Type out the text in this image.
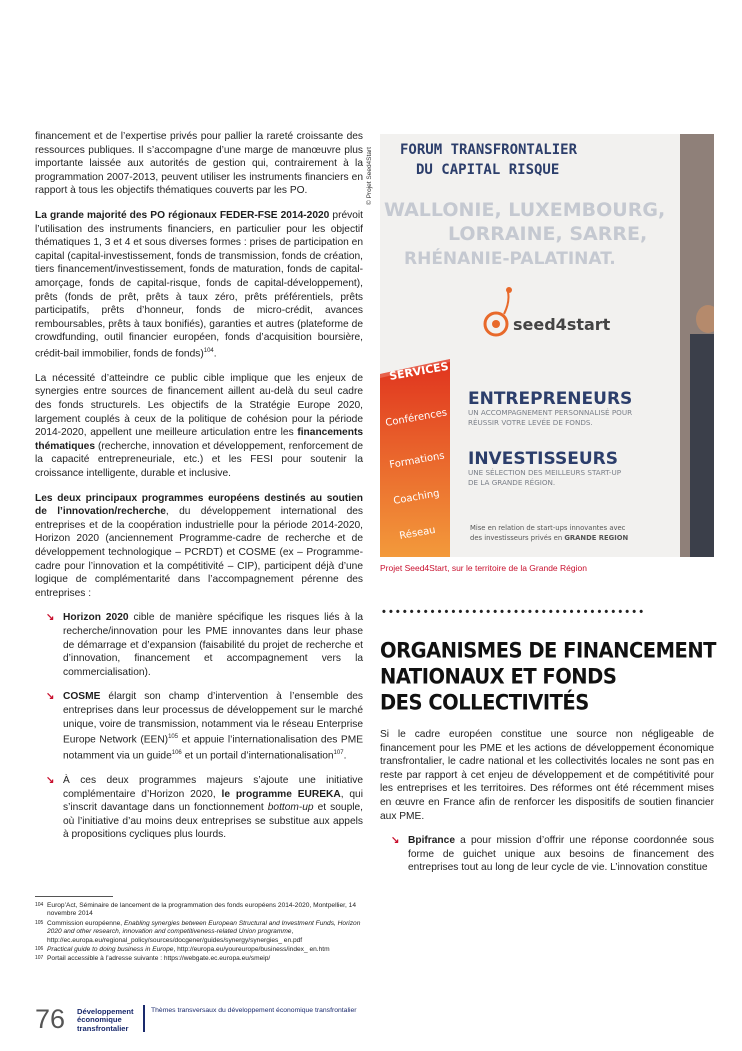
financement et de l’expertise privés pour pallier la rareté croissante des ressources publiques. Il s’accompagne d’une marge de manœuvre plus importante laissée aux autorités de gestion qui, contrairement à la programmation 2007-2013, peuvent utiliser les instruments financiers en rapport à tous les objectifs thématiques couverts par les PO.

La grande majorité des PO régionaux FEDER-FSE 2014-2020 prévoit l’utilisation des instruments financiers, en particulier pour les objectif thématiques 1, 3 et 4 et sous diverses formes : prises de participation en capital (capital-investissement, fonds de transmission, fonds de création, tiers financement/investissement, fonds de maturation, fonds de capital-amorçage, fonds de capital-risque, fonds de capital-développement), prêts (fonds de prêt, prêts à taux zéro, prêts préférentiels, prêts participatifs, prêts d’honneur, fonds de micro-crédit, avances remboursables, prêts à taux bonifiés), garanties et autres (plateforme de crowdfunding, outil financier européen, fonds d’acquisition boursière, crédit-bail immobilier, fonds de fonds)$^{104}$.

La nécessité d’atteindre ce public cible implique que les enjeux de synergies entre sources de financement aillent au-delà du seul cadre des fonds structurels. Les objectifs de la Stratégie Europe 2020, largement couplés à ceux de la politique de cohésion pour la période 2014-2020, appellent une meilleure articulation entre les financements thématiques (recherche, innovation et développement, renforcement de la capacité entrepreneuriale, etc.) et les FESI pour soutenir la croissance intelligente, durable et inclusive.

Les deux principaux programmes européens destinés au soutien de l’innovation/recherche, du développement international des entreprises et de la coopération industrielle pour la période 2014-2020, Horizon 2020 (anciennement Programme-cadre de recherche et de développement technologique – PCRDT) et COSME (ex – Programme-cadre pour l’innovation et la compétitivité – CIP), participent déjà d’une logique de complémentarité dans l’accompagnement pérenne des entreprises :

↘ Horizon 2020 cible de manière spécifique les risques liés à la recherche/innovation pour les PME innovantes dans leur phase de démarrage et d’expansion (faisabilité du projet de recherche et d’innovation, financement et accompagnement vers la commercialisation).
↘ COSME élargit son champ d’intervention à l’ensemble des entreprises dans leur processus de développement sur le marché unique, voire de transmission, notamment via le réseau Enterprise Europe Network (EEN)$^{105}$ et appuie l’internationalisation des PME notamment via un guide$^{106}$ et un portail d’internationalisation$^{107}$.
↘ À ces deux programmes majeurs s’ajoute une initiative complémentaire d’Horizon 2020, le programme EUREKA, qui s’inscrit davantage dans un fonctionnement bottom-up et souple, où l’initiative d’au moins deux entreprises se substitue aux appels à propositions cycliques plus lourds.
© Projet Seed4Start FORUM TRANSFRONTALIER
DU CAPITAL RISQUE
WALLONIE, LUXEMBOURG,
LORRAINE, SARRE,
RHÉNANIE-PALATINAT.
seed4start
SERVICES
Conférences
Formations
Coaching
Réseau
ENTREPRENEURS
UN ACCOMPAGNEMENT PERSONNALISÉ POUR
RÉUSSIR VOTRE LEVÉE DE FONDS.
INVESTISSEURS
UNE SÉLECTION DES MEILLEURS START-UP
DE LA GRANDE RÉGION.
Mise en relation de start-ups innovantes avec
des investisseurs privés en GRANDE REGION
Projet Seed4Start, sur le territoire de la Grande Région
••••••••••••••••••••••••••••••••••••••
ORGANISMES DE FINANCEMENT
NATIONAUX ET FONDS
DES COLLECTIVITÉS

Si le cadre européen constitue une source non négligeable de financement pour les PME et les actions de développement économique transfrontalier, le cadre national et les collectivités locales ne sont pas en reste par rapport à cet enjeu de développement et de compétitivité pour les entreprises et les territoires. Des réformes ont été récemment mises en œuvre en France afin de renforcer les dispositifs de soutien financier aux PME.

↘ Bpifrance a pour mission d’offrir une réponse coordonnée sous forme de guichet unique aux besoins de financement des entreprises tout au long de leur cycle de vie. L’innovation constitue
104 Europ’Act, Séminaire de lancement de la programmation des fonds européens 2014-2020, Montpellier, 14 novembre 2014
105 Commission européenne, Enabling synergies between European Structural and Investment Funds, Horizon 2020 and other research, innovation and competitiveness-related Union programme, http://ec.europa.eu/regional_policy/sources/docgener/guides/synergy/synergies_ en.pdf
106 Practical guide to doing business in Europe, http://europa.eu/youreurope/business/index_ en.htm
107 Portail accessible à l’adresse suivante : https://webgate.ec.europa.eu/smeip/
76 Développement
économique
transfrontalier
Thèmes transversaux du développement économique transfrontalier
